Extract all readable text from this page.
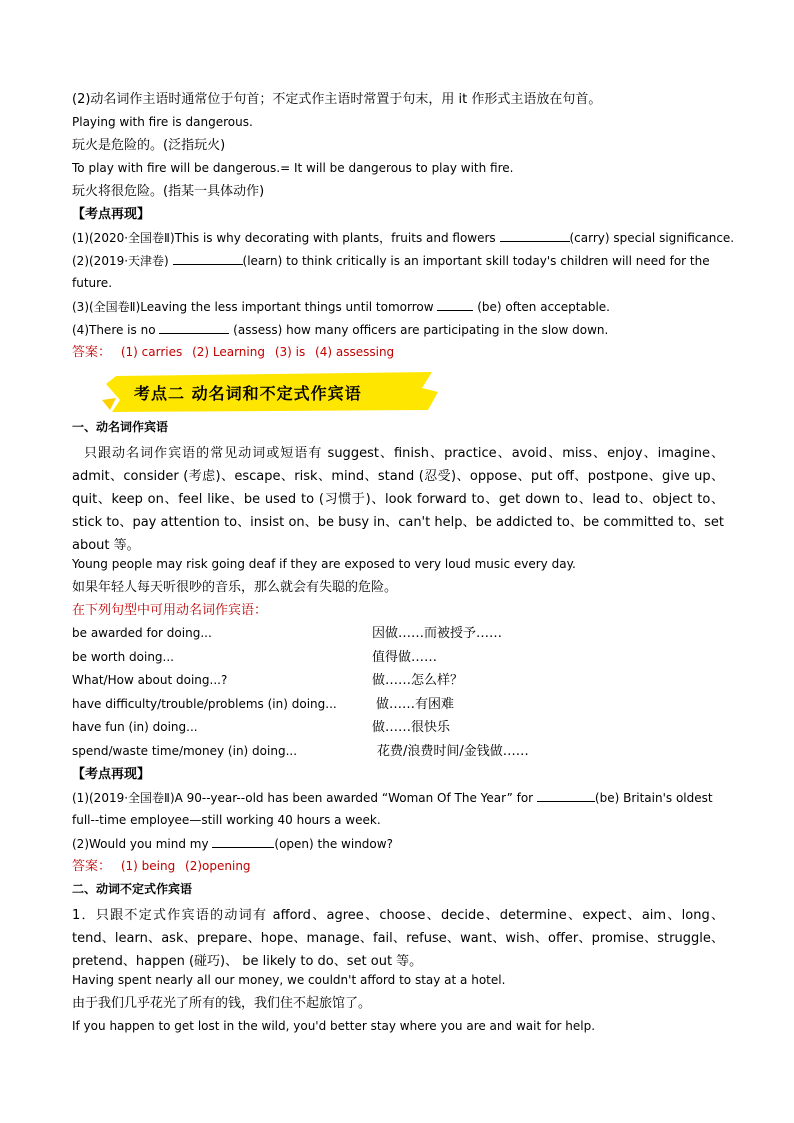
(2)动名词作主语时通常位于句首；不定式作主语时常置于句末，用 it 作形式主语放在句首。
Playing with fire is dangerous.
玩火是危险的。(泛指玩火)
To play with fire will be dangerous.= It will be dangerous to play with fire.
玩火将很危险。(指某一具体动作)
【考点再现】
(1)(2020·全国卷Ⅱ)This is why decorating with plants，fruits and flowers	(carry) special significance.
(2)(2019·天津卷)	(learn) to think critically is an important skill today's children will need for the
future.
(3)(全国卷Ⅱ)Leaving the less important things until tomorrow	(be) often acceptable.
(4)There is no	(assess) how many officers are participating in the slow down.
答案： (1) carries (2) Learning (3) is (4) assessing
考点二 动名词和不定式作宾语
一、动名词作宾语
只跟动名词作宾语的常见动词或短语有 suggest、finish、practice、avoid、miss、enjoy、imagine、admit、consider (考虑)、escape、risk、mind、stand (忍受)、oppose、put off、postpone、give up、quit、keep on、feel like、be used to (习惯于)、look forward to、get down to、lead to、object to、stick to、pay attention to、insist on、be busy in、can't help、be addicted to、be committed to、set about 等。
Young people may risk going deaf if they are exposed to very loud music every day.
如果年轻人每天听很吵的音乐，那么就会有失聪的危险。
在下列句型中可用动名词作宾语：
be awarded for doing...	因做……而被授予……
be worth doing...	值得做……
What/How about doing...?	做……怎么样？
have difficulty/trouble/problems (in) doing...	做……有困难
have fun (in) doing...	做……很快乐
spend/waste time/money (in) doing...	花费/浪费时间/金钱做……
【考点再现】
(1)(2019·全国卷Ⅱ)A 90--year--old has been awarded “Woman Of The Year” for	(be) Britain's oldest
full--time employee—still working 40 hours a week.
(2)Would you mind my	(open) the window?
答案： (1) being (2)opening
二、动词不定式作宾语
1．只跟不定式作宾语的动词有 afford、agree、choose、decide、determine、expect、aim、long、tend、learn、ask、prepare、hope、manage、fail、refuse、want、wish、offer、promise、struggle、pretend、happen (碰巧)、 be likely to do、set out 等。
Having spent nearly all our money, we couldn't afford to stay at a hotel.
由于我们几乎花光了所有的钱，我们住不起旅馆了。
If you happen to get lost in the wild, you'd better stay where you are and wait for help.
